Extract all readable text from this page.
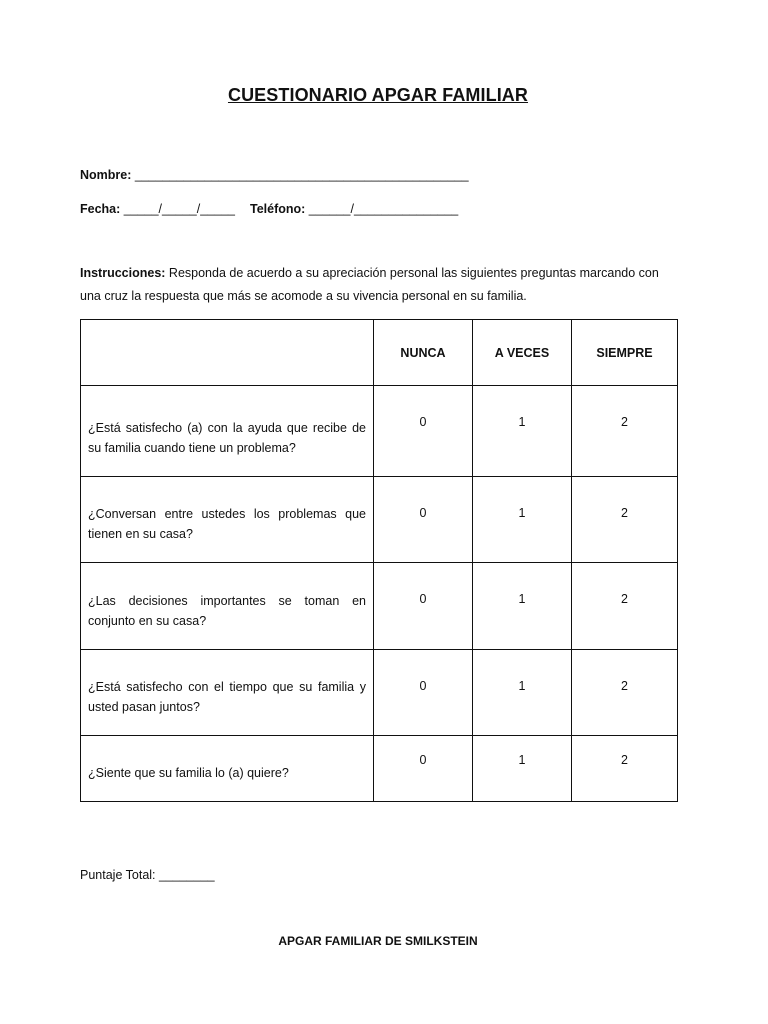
CUESTIONARIO APGAR FAMILIAR
Nombre: ________________________________________________
Fecha: _____/_____/_____ Teléfono: ______/_______________
Instrucciones: Responda de acuerdo a su apreciación personal las siguientes preguntas marcando con una cruz la respuesta que más se acomode a su vivencia personal en su familia.
	NUNCA	A VECES	SIEMPRE

¿Está satisfecho (a) con la ayuda que recibe de su familia cuando tiene un problema?	0	1	2

¿Conversan entre ustedes los problemas que tienen en su casa?	0	1	2

¿Las decisiones importantes se toman en conjunto en su casa?	0	1	2

¿Está satisfecho con el tiempo que su familia y usted pasan juntos?	0	1	2

¿Siente que su familia lo (a) quiere?	0	1	2
Puntaje Total: ________
APGAR FAMILIAR DE SMILKSTEIN
